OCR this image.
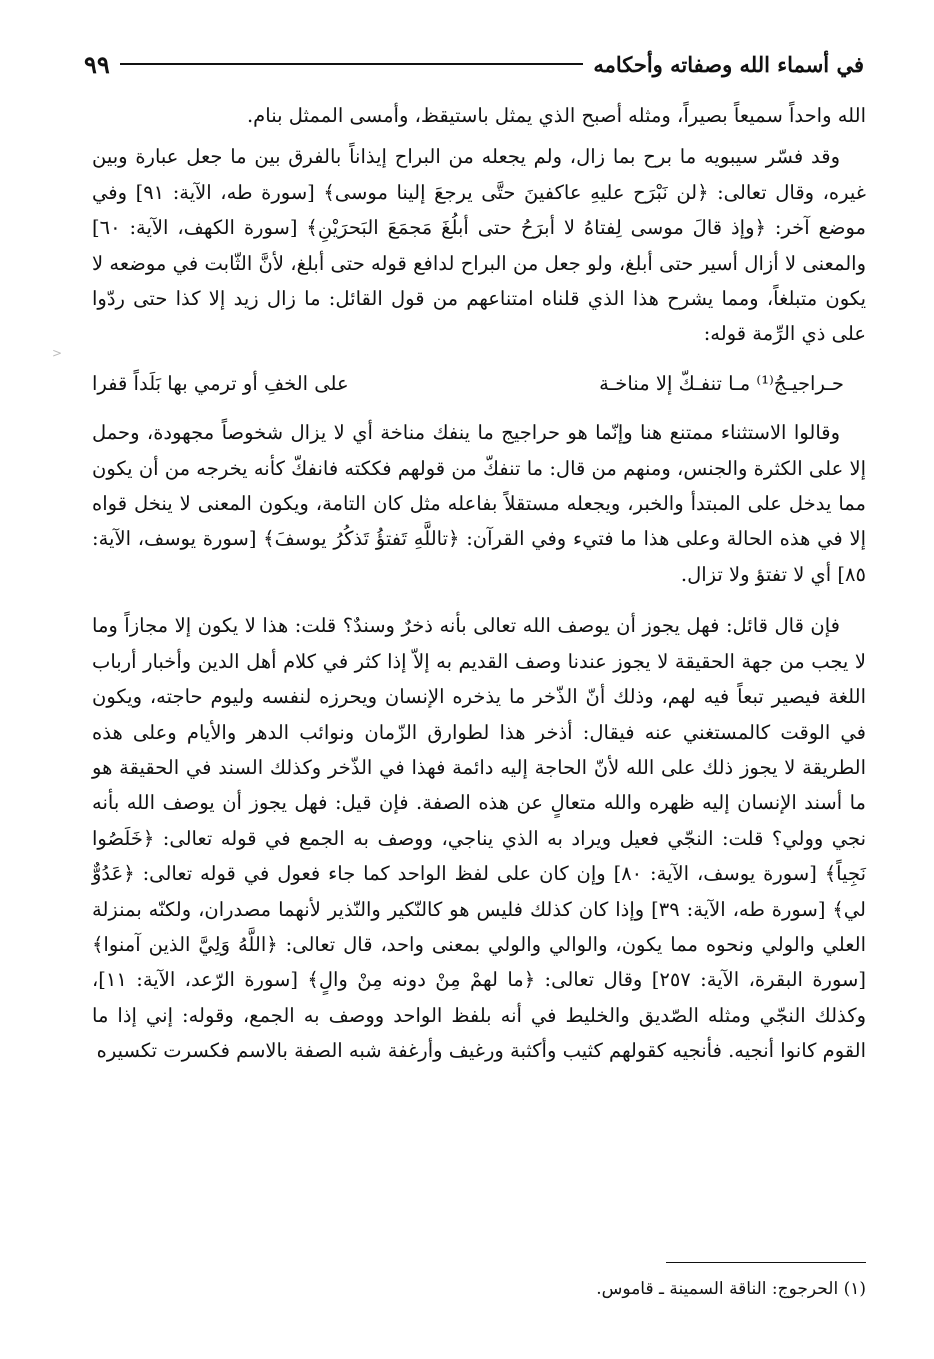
في أسماء الله وصفاته وأحكامه
٩٩

الله واحداً سميعاً بصيراً، ومثله أصبح الذي يمثل باستيقظ، وأمسى الممثل بنام.

وقد فسّر سيبويه ما برح بما زال، ولم يجعله من البراح إيذاناً بالفرق بين ما جعل عبارة وبين غيره، وقال تعالى: ﴿لن نَبْرَح عليهِ عاكفينَ حتَّى يرجعَ إلينا موسى﴾ [سورة طه، الآية: ٩١] وفي موضع آخر: ﴿وإذ قالَ موسى لِفتاهُ لا أبرَحُ حتى أبلُغَ مَجمَعَ البَحرَيْنِ﴾ [سورة الكهف، الآية: ٦٠] والمعنى لا أزال أسير حتى أبلغ، ولو جعل من البراح لدافع قوله حتى أبلغ، لأنَّ الثّابت في موضعه لا يكون متبلغاً، ومما يشرح هذا الذي قلناه امتناعهم من قول القائل: ما زال زيد إلا كذا حتى ردّوا على ذي الرِّمة قوله:

حـراجيـجُ⁽¹⁾ مـا تنفـكّ إلا مناخـة
على الخفِ أو ترمي بها بَلَداً قفرا

وقالوا الاستثناء ممتنع هنا وإنّما هو حراجيج ما ينفك مناخة أي لا يزال شخوصاً مجهودة، وحمل إلا على الكثرة والجنس، ومنهم من قال: ما تنفكّ من قولهم فككته فانفكّ كأنه يخرجه من أن يكون مما يدخل على المبتدأ والخبر، ويجعله مستقلاً بفاعله مثل كان التامة، ويكون المعنى لا ينخل قواه إلا في هذه الحالة وعلى هذا ما فتيء وفي القرآن: ﴿تاللَّهِ تَفتؤُ تَذكُرُ يوسفَ﴾ [سورة يوسف، الآية: ٨٥] أي لا تفتؤ ولا تزال.

فإن قال قائل: فهل يجوز أن يوصف الله تعالى بأنه ذخرٌ وسندٌ؟ قلت: هذا لا يكون إلا مجازاً وما لا يجب من جهة الحقيقة لا يجوز عندنا وصف القديم به إلاّ إذا كثر في كلام أهل الدين وأخبار أرباب اللغة فيصير تبعاً فيه لهم، وذلك أنّ الذّخر ما يذخره الإنسان ويحرزه لنفسه وليوم حاجته، ويكون في الوقت كالمستغني عنه فيقال: أذخر هذا لطوارق الزّمان ونوائب الدهر والأيام وعلى هذه الطريقة لا يجوز ذلك على الله لأنّ الحاجة إليه دائمة فهذا في الذّخر وكذلك السند في الحقيقة هو ما أسند الإنسان إليه ظهره والله متعالٍ عن هذه الصفة. فإن قيل: فهل يجوز أن يوصف الله بأنه نجي وولي؟ قلت: النجّي فعيل ويراد به الذي يناجي، ووصف به الجمع في قوله تعالى: ﴿خَلَصُوا نَجِياً﴾ [سورة يوسف، الآية: ٨٠] وإن كان على لفظ الواحد كما جاء فعول في قوله تعالى: ﴿عَدُوٌّ لي﴾ [سورة طه، الآية: ٣٩] وإذا كان كذلك فليس هو كالنّكير والنّذير لأنهما مصدران، ولكنّه بمنزلة العلي والولي ونحوه مما يكون، والوالي والولي بمعنى واحد، قال تعالى: ﴿اللَّهُ وَلِيَّ الذين آمنوا﴾ [سورة البقرة، الآية: ٢٥٧] وقال تعالى: ﴿ما لهمْ مِنْ دونه مِنْ والٍ﴾ [سورة الرّعد، الآية: ١١]، وكذلك النجّي ومثله الصّديق والخليط في أنه بلفظ الواحد ووصف به الجمع، وقوله: إني إذا ما القوم كانوا أنجيه. فأنجيه كقولهم كثيب وأكثبة ورغيف وأرغفة شبه الصفة بالاسم فكسرت تكسيره

<
(١) الحرجوج: الناقة السمينة ـ قاموس.
